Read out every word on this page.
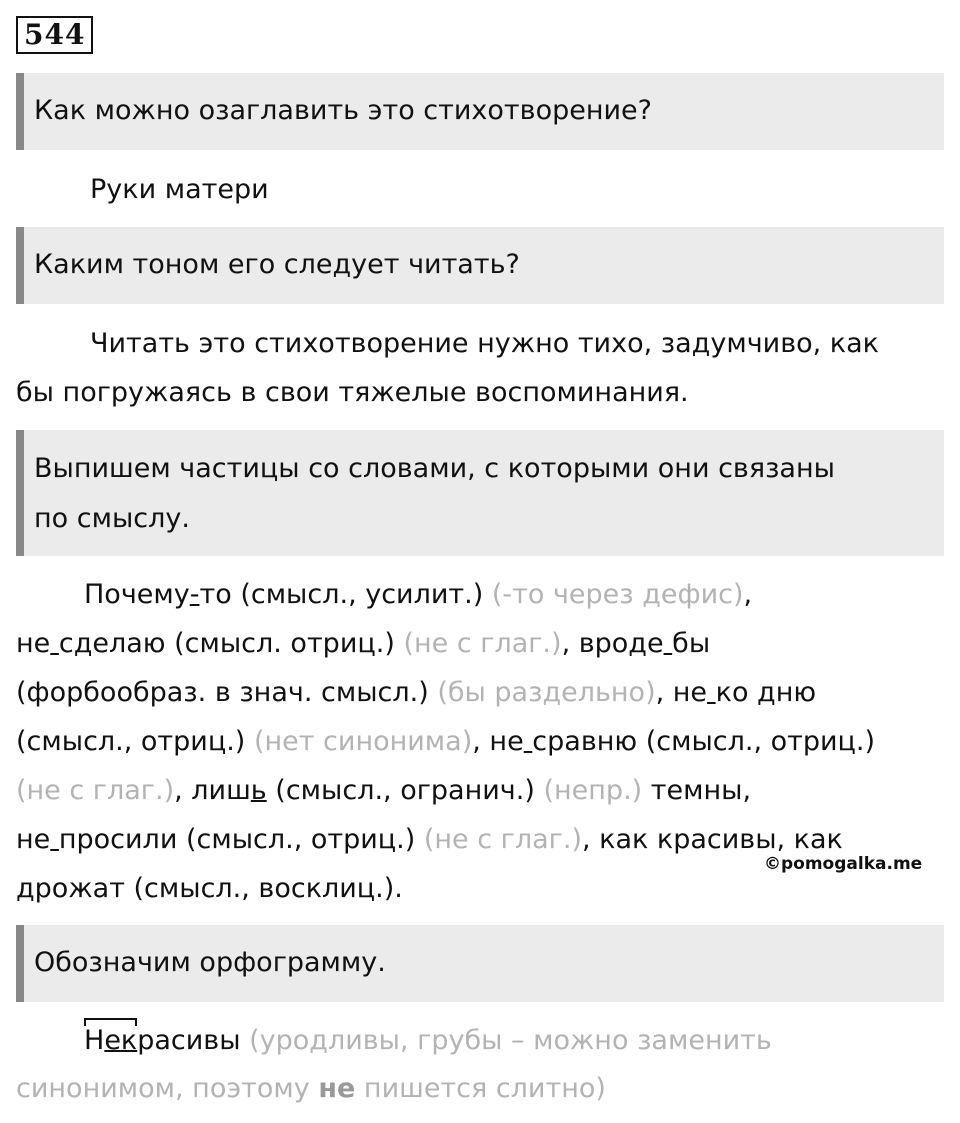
544
Как можно озаглавить это стихотворение?
Руки матери
Каким тоном его следует читать?
Читать это стихотворение нужно тихо, задумчиво, как
бы погружаясь в свои тяжелые воспоминания.
Выпишем частицы со словами, с которыми они связаны
по смыслу.
Почему-то (смысл., усилит.) (-то через дефис),
не сделаю (смысл. отриц.) (не с глаг.), вроде бы
(форбообраз. в знач. смысл.) (бы раздельно), не ко дню
(смысл., отриц.) (нет синонима), не сравню (смысл., отриц.)
(не с глаг.), лишь (смысл., огранич.) (непр.) темны,
не просили (смысл., отриц.) (не с глаг.), как красивы, как
дрожат (смысл., восклиц.).
©pomogalka.me
Обозначим орфограмму.
Некрасивы (уродливы, грубы – можно заменить
синонимом, поэтому не пишется слитно)
